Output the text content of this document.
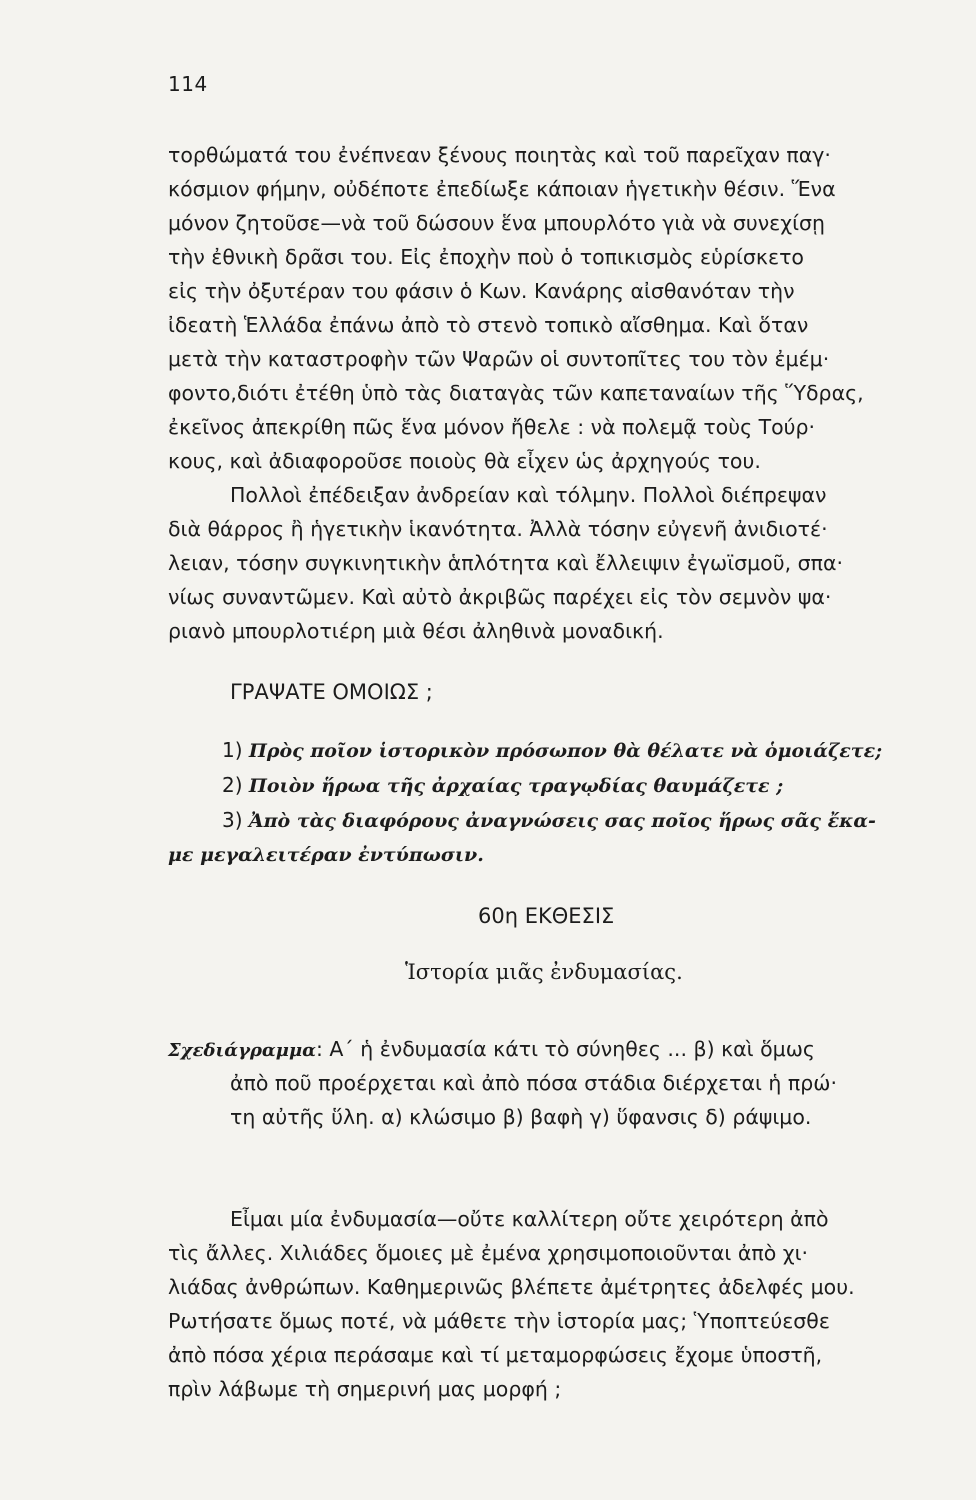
114
τορθώματά του ἐνέπνεαν ξένους ποιητὰς καὶ τοῦ παρεῖχαν παγ·
κόσμιον φήμην, οὐδέποτε ἐπεδίωξε κάποιαν ἡγετικὴν θέσιν. Ἕνα
μόνον ζητοῦσε—νὰ τοῦ δώσουν ἕνα μπουρλότο γιὰ νὰ συνεχίσῃ
τὴν ἐθνικὴ δρᾶσι του. Εἰς ἐποχὴν ποὺ ὁ τοπικισμὸς εὑρίσκετο
εἰς τὴν ὀξυτέραν του φάσιν ὁ Κων. Κανάρης αἰσθανόταν τὴν
ἰδεατὴ Ἑλλάδα ἐπάνω ἀπὸ τὸ στενὸ τοπικὸ αἴσθημα. Καὶ ὅταν
μετὰ τὴν καταστροφὴν τῶν Ψαρῶν οἱ συντοπῖτες του τὸν ἐμέμ·
φοντο,διότι ἐτέθη ὑπὸ τὰς διαταγὰς τῶν καπεταναίων τῆς Ὕδρας,
ἐκεῖνος ἀπεκρίθη πῶς ἕνα μόνον ἤθελε : νὰ πολεμᾷ τοὺς Τούρ·
κους, καὶ ἀδιαφοροῦσε ποιοὺς θὰ εἶχεν ὡς ἀρχηγούς του.
Πολλοὶ ἐπέδειξαν ἀνδρείαν καὶ τόλμην. Πολλοὶ διέπρεψαν
διὰ θάρρος ἢ ἡγετικὴν ἱκανότητα. Ἀλλὰ τόσην εὐγενῆ ἀνιδιοτέ·
λειαν, τόσην συγκινητικὴν ἁπλότητα καὶ ἔλλειψιν ἐγωϊσμοῦ, σπα·
νίως συναντῶμεν. Καὶ αὐτὸ ἀκριβῶς παρέχει εἰς τὸν σεμνὸν ψα·
ριανὸ μπουρλοτιέρη μιὰ θέσι ἀληθινὰ μοναδική.
ΓΡΑΨΑΤΕ ΟΜΟΙΩΣ ;
1) Πρὸς ποῖον ἱστορικὸν πρόσωπον θὰ θέλατε νὰ ὁμοιάζετε;
2) Ποιὸν ἥρωα τῆς ἀρχαίας τραγῳδίας θαυμάζετε ;
3) Ἀπὸ τὰς διαφόρους ἀναγνώσεις σας ποῖος ἥρως σᾶς ἔκα-
με μεγαλειτέραν ἐντύπωσιν.
60η ΕΚΘΕΣΙΣ
Ἱστορία μιᾶς ἐνδυμασίας.
Σχεδιάγραμμα: Α΄ ἡ ἐνδυμασία κάτι τὸ σύνηθες ... β) καὶ ὅμως
ἀπὸ ποῦ προέρχεται καὶ ἀπὸ πόσα στάδια διέρχεται ἡ πρώ·
τη αὐτῆς ὕλη. α) κλώσιμο β) βαφὴ γ) ὕφανσις δ) ράψιμο.
Εἶμαι μία ἐνδυμασία—οὔτε καλλίτερη οὔτε χειρότερη ἀπὸ
τὶς ἄλλες. Χιλιάδες ὅμοιες μὲ ἐμένα χρησιμοποιοῦνται ἀπὸ χι·
λιάδας ἀνθρώπων. Καθημερινῶς βλέπετε ἀμέτρητες ἀδελφές μου.
Ρωτήσατε ὅμως ποτέ, νὰ μάθετε τὴν ἱστορία μας; Ὑποπτεύεσθε
ἀπὸ πόσα χέρια περάσαμε καὶ τί μεταμορφώσεις ἔχομε ὑποστῆ,
πρὶν λάβωμε τὴ σημερινή μας μορφή ;
